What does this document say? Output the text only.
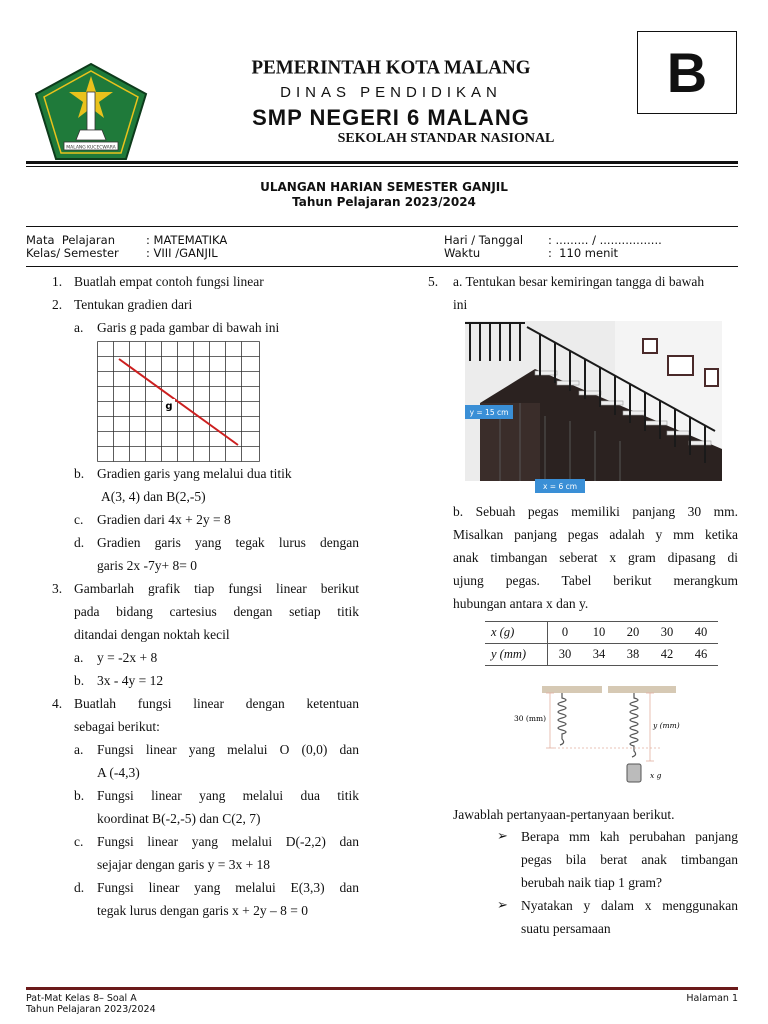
MALANG KUCECWARA
PEMERINTAH KOTA MALANG
DINAS PENDIDIKAN
SMP NEGERI 6 MALANG
SEKOLAH STANDAR NASIONAL
B
ULANGAN HARIAN SEMESTER GANJIL
Tahun Pelajaran 2023/2024
Mata  Pelajaran	: MATEMATIKA
Kelas/ Semester : VIII /GANJIL
Hari / Tanggal : ......... / .................
Waktu	:  110 menit
1. Buatlah empat contoh fungsi linear
2. Tentukan gradien dari
a. Garis g pada gambar di bawah ini
g
b. Gradien garis yang melalui dua titik
A(3, 4) dan B(2,-5)
c. Gradien dari 4x + 2y = 8
d. Gradien garis yang tegak lurus dengan
garis 2x -7y+ 8= 0
3. Gambarlah grafik tiap fungsi linear berikut
pada bidang cartesius dengan setiap titik
ditandai dengan noktah kecil
a. y = -2x + 8
b. 3x - 4y = 12
4. Buatlah fungsi linear dengan ketentuan
sebagai berikut:
a. Fungsi linear yang melalui O (0,0) dan
A (-4,3)
b. Fungsi linear yang melalui dua titik
koordinat B(-2,-5) dan C(2, 7)
c. Fungsi linear yang melalui D(-2,2) dan
sejajar dengan garis y = 3x + 18
d. Fungsi linear yang melalui E(3,3) dan
tegak lurus dengan garis x + 2y – 8 = 0
5. a. Tentukan besar kemiringan tangga di bawah
ini
y = 15 cm
x = 6 cm
b. Sebuah pegas memiliki panjang 30 mm.
Misalkan panjang pegas adalah y mm ketika
anak timbangan seberat x gram dipasang di
ujung pegas. Tabel berikut merangkum
hubungan antara x dan y.
x (g)	0	10	20	30	40
y (mm)	30	34	38	42	46
30 (mm)
y (mm)
x g
Jawablah pertanyaan-pertanyaan berikut.
➢ Berapa mm kah perubahan panjang
pegas bila berat anak timbangan
berubah naik tiap 1 gram?
➢ Nyatakan y dalam x menggunakan
suatu persamaan
Pat-Mat Kelas 8– Soal A
Tahun Pelajaran 2023/2024
Halaman 1
